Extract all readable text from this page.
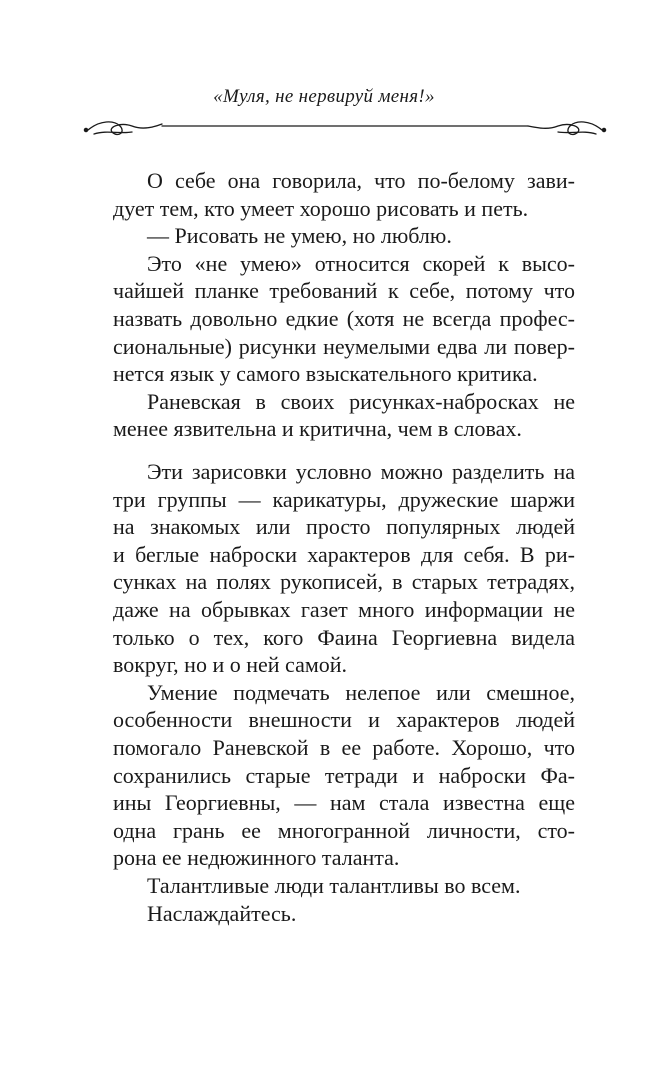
«Муля, не нервируй меня!»
О себе она говорила, что по-белому зави-
дует тем, кто умеет хорошо рисовать и петь.
— Рисовать не умею, но люблю.
Это «не умею» относится скорей к высо-
чайшей планке требований к себе, потому что
назвать довольно едкие (хотя не всегда профес-
сиональные) рисунки неумелыми едва ли повер-
нется язык у самого взыскательного критика.
Раневская в своих рисунках-набросках не
менее язвительна и критична, чем в словах.
Эти зарисовки условно можно разделить на
три группы — карикатуры, дружеские шаржи
на знакомых или просто популярных людей
и беглые наброски характеров для себя. В ри-
сунках на полях рукописей, в старых тетрадях,
даже на обрывках газет много информации не
только о тех, кого Фаина Георгиевна видела
вокруг, но и о ней самой.
Умение подмечать нелепое или смешное,
особенности внешности и характеров людей
помогало Раневской в ее работе. Хорошо, что
сохранились старые тетради и наброски Фа-
ины Георгиевны, — нам стала известна еще
одна грань ее многогранной личности, сто-
рона ее недюжинного таланта.
Талантливые люди талантливы во всем.
Наслаждайтесь.
